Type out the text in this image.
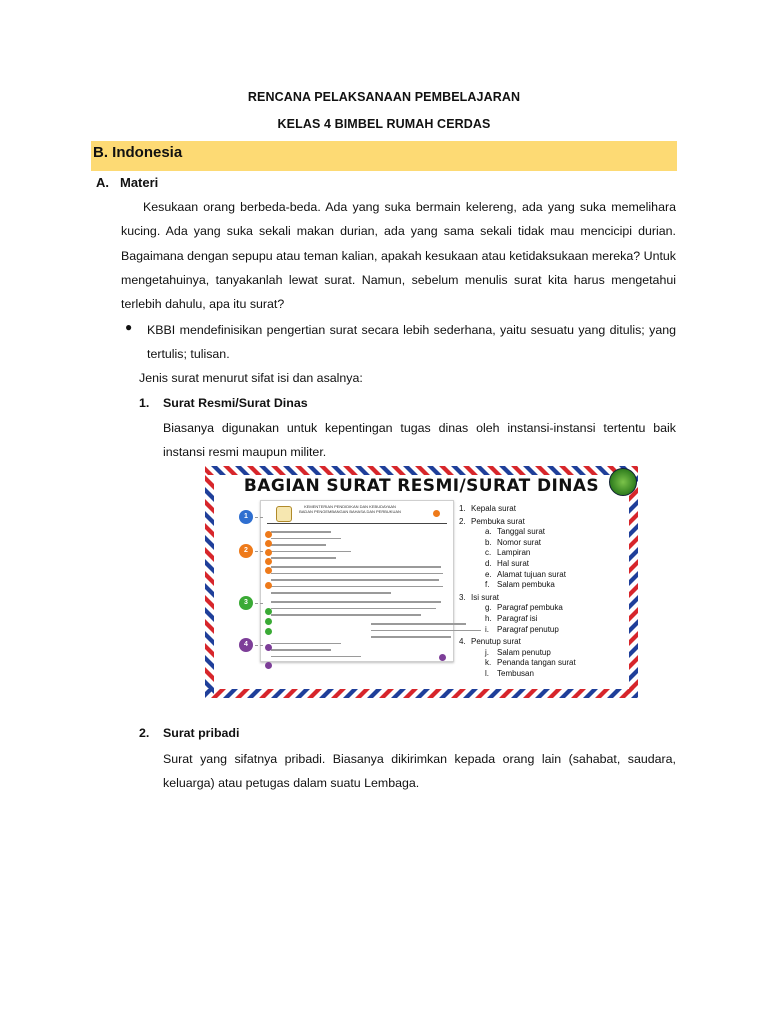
RENCANA PELAKSANAAN PEMBELAJARAN
KELAS 4 BIMBEL RUMAH CERDAS
B. Indonesia
A. Materi
Kesukaan orang berbeda-beda. Ada yang suka bermain kelereng, ada yang suka memelihara kucing. Ada yang suka sekali makan durian, ada yang sama sekali tidak mau mencicipi durian. Bagaimana dengan sepupu atau teman kalian, apakah kesukaan atau ketidaksukaan mereka? Untuk mengetahuinya, tanyakanlah lewat surat. Namun, sebelum menulis surat kita harus mengetahui terlebih dahulu, apa itu surat?
● KBBI mendefinisikan pengertian surat secara lebih sederhana, yaitu sesuatu yang ditulis; yang tertulis; tulisan.
Jenis surat menurut sifat isi dan asalnya:
1. Surat Resmi/Surat Dinas
Biasanya digunakan untuk kepentingan tugas dinas oleh instansi-instansi tertentu baik instansi resmi maupun militer.
BAGIAN SURAT RESMI/SURAT DINAS
KEMENTERIAN PENDIDIKAN DAN KEBUDAYAAN
BADAN PENGEMBANGAN BAHASA DAN PERBUKUAN
1
2
3
4
1. Kepala surat
2. Pembuka surat
a. Tanggal surat
b. Nomor surat
c. Lampiran
d. Hal surat
e. Alamat tujuan surat
f. Salam pembuka
3. Isi surat
g. Paragraf pembuka
h. Paragraf isi
i. Paragraf penutup
4. Penutup surat
j. Salam penutup
k. Penanda tangan surat
l. Tembusan
2. Surat pribadi
Surat yang sifatnya pribadi. Biasanya dikirimkan kepada orang lain (sahabat, saudara, keluarga) atau petugas dalam suatu Lembaga.
